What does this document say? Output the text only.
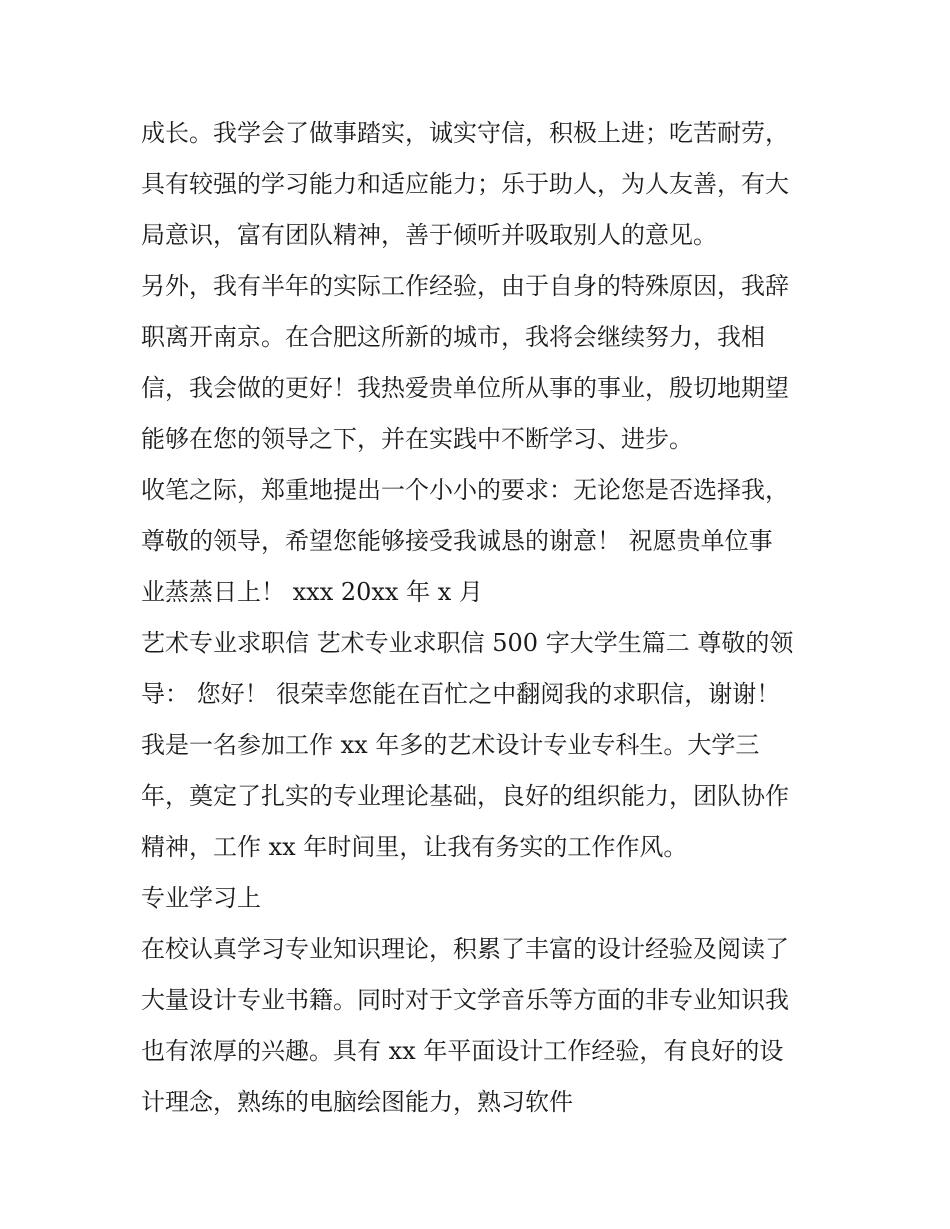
成长。我学会了做事踏实，诚实守信，积极上进；吃苦耐劳，
具有较强的学习能力和适应能力；乐于助人，为人友善，有大
局意识，富有团队精神，善于倾听并吸取别人的意见。
另外，我有半年的实际工作经验，由于自身的特殊原因，我辞
职离开南京。在合肥这所新的城市，我将会继续努力，我相
信，我会做的更好！我热爱贵单位所从事的事业，殷切地期望
能够在您的领导之下，并在实践中不断学习、进步。
收笔之际，郑重地提出一个小小的要求：无论您是否选择我，
尊敬的领导，希望您能够接受我诚恳的谢意！ 祝愿贵单位事
业蒸蒸日上！ xxx 20xx 年 x 月
艺术专业求职信 艺术专业求职信 500 字大学生篇二 尊敬的领
导： 您好！ 很荣幸您能在百忙之中翻阅我的求职信，谢谢！
我是一名参加工作 xx 年多的艺术设计专业专科生。大学三
年，奠定了扎实的专业理论基础，良好的组织能力，团队协作
精神，工作 xx 年时间里，让我有务实的工作作风。
专业学习上
在校认真学习专业知识理论，积累了丰富的设计经验及阅读了
大量设计专业书籍。同时对于文学音乐等方面的非专业知识我
也有浓厚的兴趣。具有 xx 年平面设计工作经验，有良好的设
计理念，熟练的电脑绘图能力，熟习软件
